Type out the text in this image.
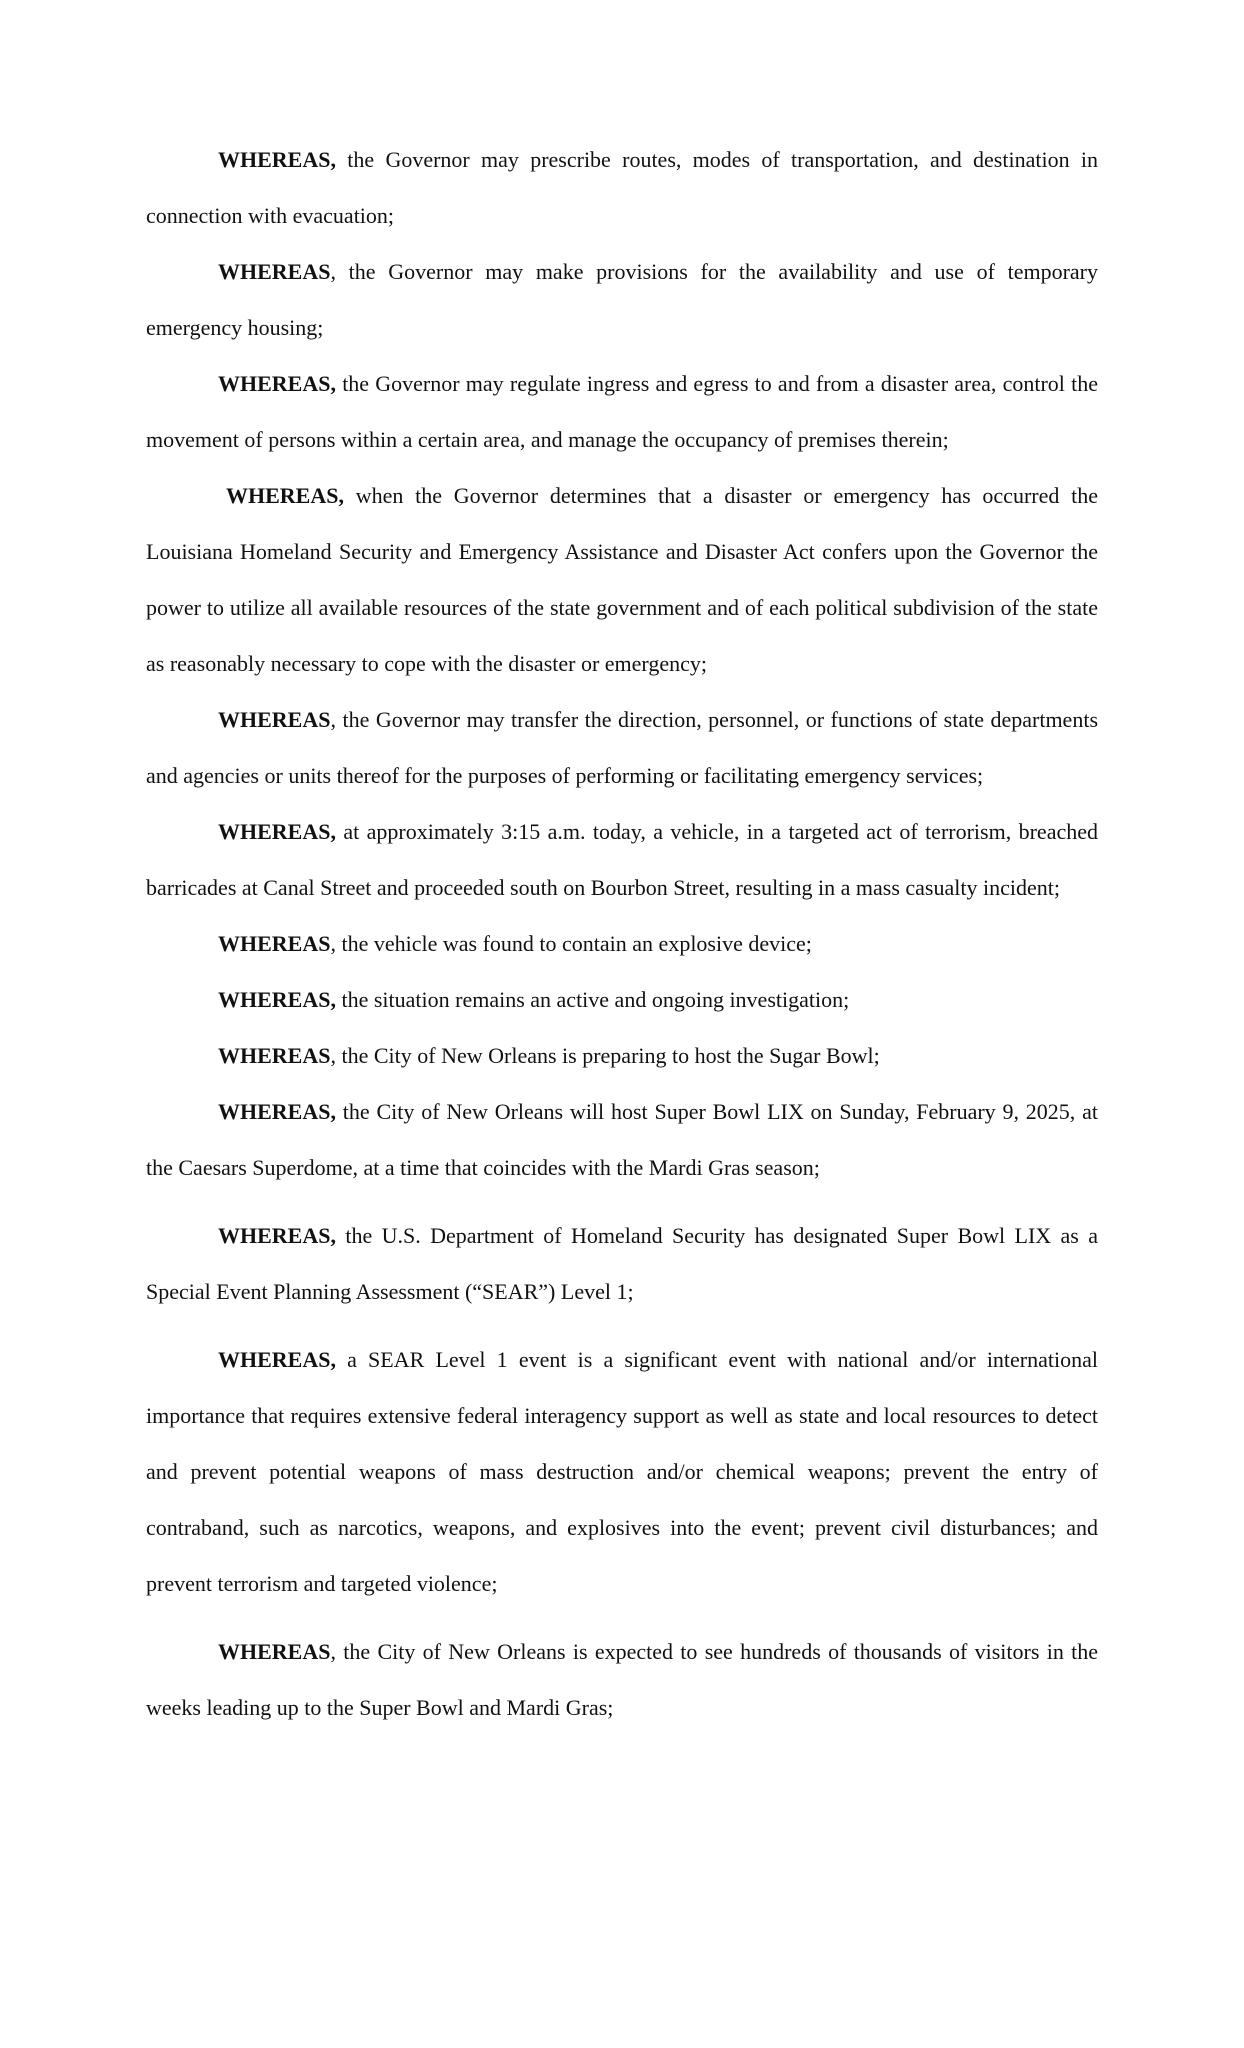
WHEREAS, the Governor may prescribe routes, modes of transportation, and destination in connection with evacuation;

WHEREAS, the Governor may make provisions for the availability and use of temporary emergency housing;

WHEREAS, the Governor may regulate ingress and egress to and from a disaster area, control the movement of persons within a certain area, and manage the occupancy of premises therein;

WHEREAS, when the Governor determines that a disaster or emergency has occurred the Louisiana Homeland Security and Emergency Assistance and Disaster Act confers upon the Governor the power to utilize all available resources of the state government and of each political subdivision of the state as reasonably necessary to cope with the disaster or emergency;

WHEREAS, the Governor may transfer the direction, personnel, or functions of state departments and agencies or units thereof for the purposes of performing or facilitating emergency services;

WHEREAS, at approximately 3:15 a.m. today, a vehicle, in a targeted act of terrorism, breached barricades at Canal Street and proceeded south on Bourbon Street, resulting in a mass casualty incident;

WHEREAS, the vehicle was found to contain an explosive device;

WHEREAS, the situation remains an active and ongoing investigation;

WHEREAS, the City of New Orleans is preparing to host the Sugar Bowl;

WHEREAS, the City of New Orleans will host Super Bowl LIX on Sunday, February 9, 2025, at the Caesars Superdome, at a time that coincides with the Mardi Gras season;

WHEREAS, the U.S. Department of Homeland Security has designated Super Bowl LIX as a Special Event Planning Assessment (“SEAR”) Level 1;

WHEREAS, a SEAR Level 1 event is a significant event with national and/or international importance that requires extensive federal interagency support as well as state and local resources to detect and prevent potential weapons of mass destruction and/or chemical weapons; prevent the entry of contraband, such as narcotics, weapons, and explosives into the event; prevent civil disturbances; and prevent terrorism and targeted violence;

WHEREAS, the City of New Orleans is expected to see hundreds of thousands of visitors in the weeks leading up to the Super Bowl and Mardi Gras;
